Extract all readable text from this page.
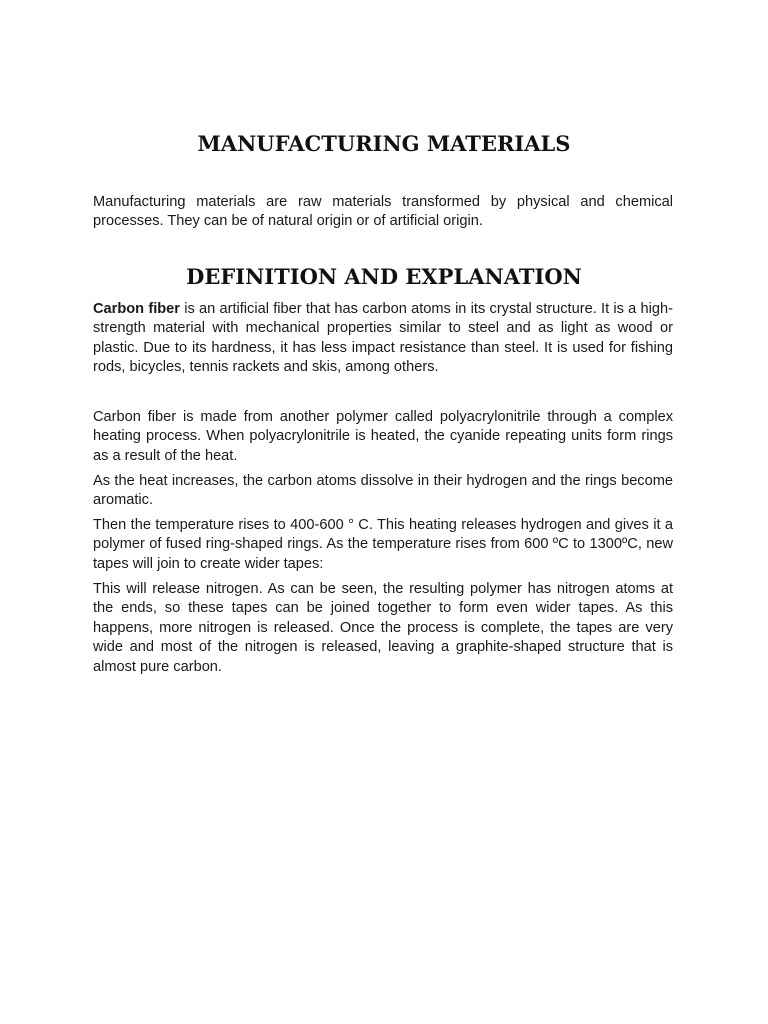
MANUFACTURING MATERIALS

Manufacturing materials are raw materials transformed by physical and chemical processes. They can be of natural origin or of artificial origin.

DEFINITION AND EXPLANATION

Carbon fiber is an artificial fiber that has carbon atoms in its crystal structure. It is a high-strength material with mechanical properties similar to steel and as light as wood or plastic. Due to its hardness, it has less impact resistance than steel. It is used for fishing rods, bicycles, tennis rackets and skis, among others.

Carbon fiber is made from another polymer called polyacrylonitrile through a complex heating process. When polyacrylonitrile is heated, the cyanide repeating units form rings as a result of the heat.

As the heat increases, the carbon atoms dissolve in their hydrogen and the rings become aromatic.

Then the temperature rises to 400-600 ° C. This heating releases hydrogen and gives it a polymer of fused ring-shaped rings. As the temperature rises from 600 ºC to 1300ºC, new tapes will join to create wider tapes:

This will release nitrogen. As can be seen, the resulting polymer has nitrogen atoms at the ends, so these tapes can be joined together to form even wider tapes. As this happens, more nitrogen is released. Once the process is complete, the tapes are very wide and most of the nitrogen is released, leaving a graphite-shaped structure that is almost pure carbon.
